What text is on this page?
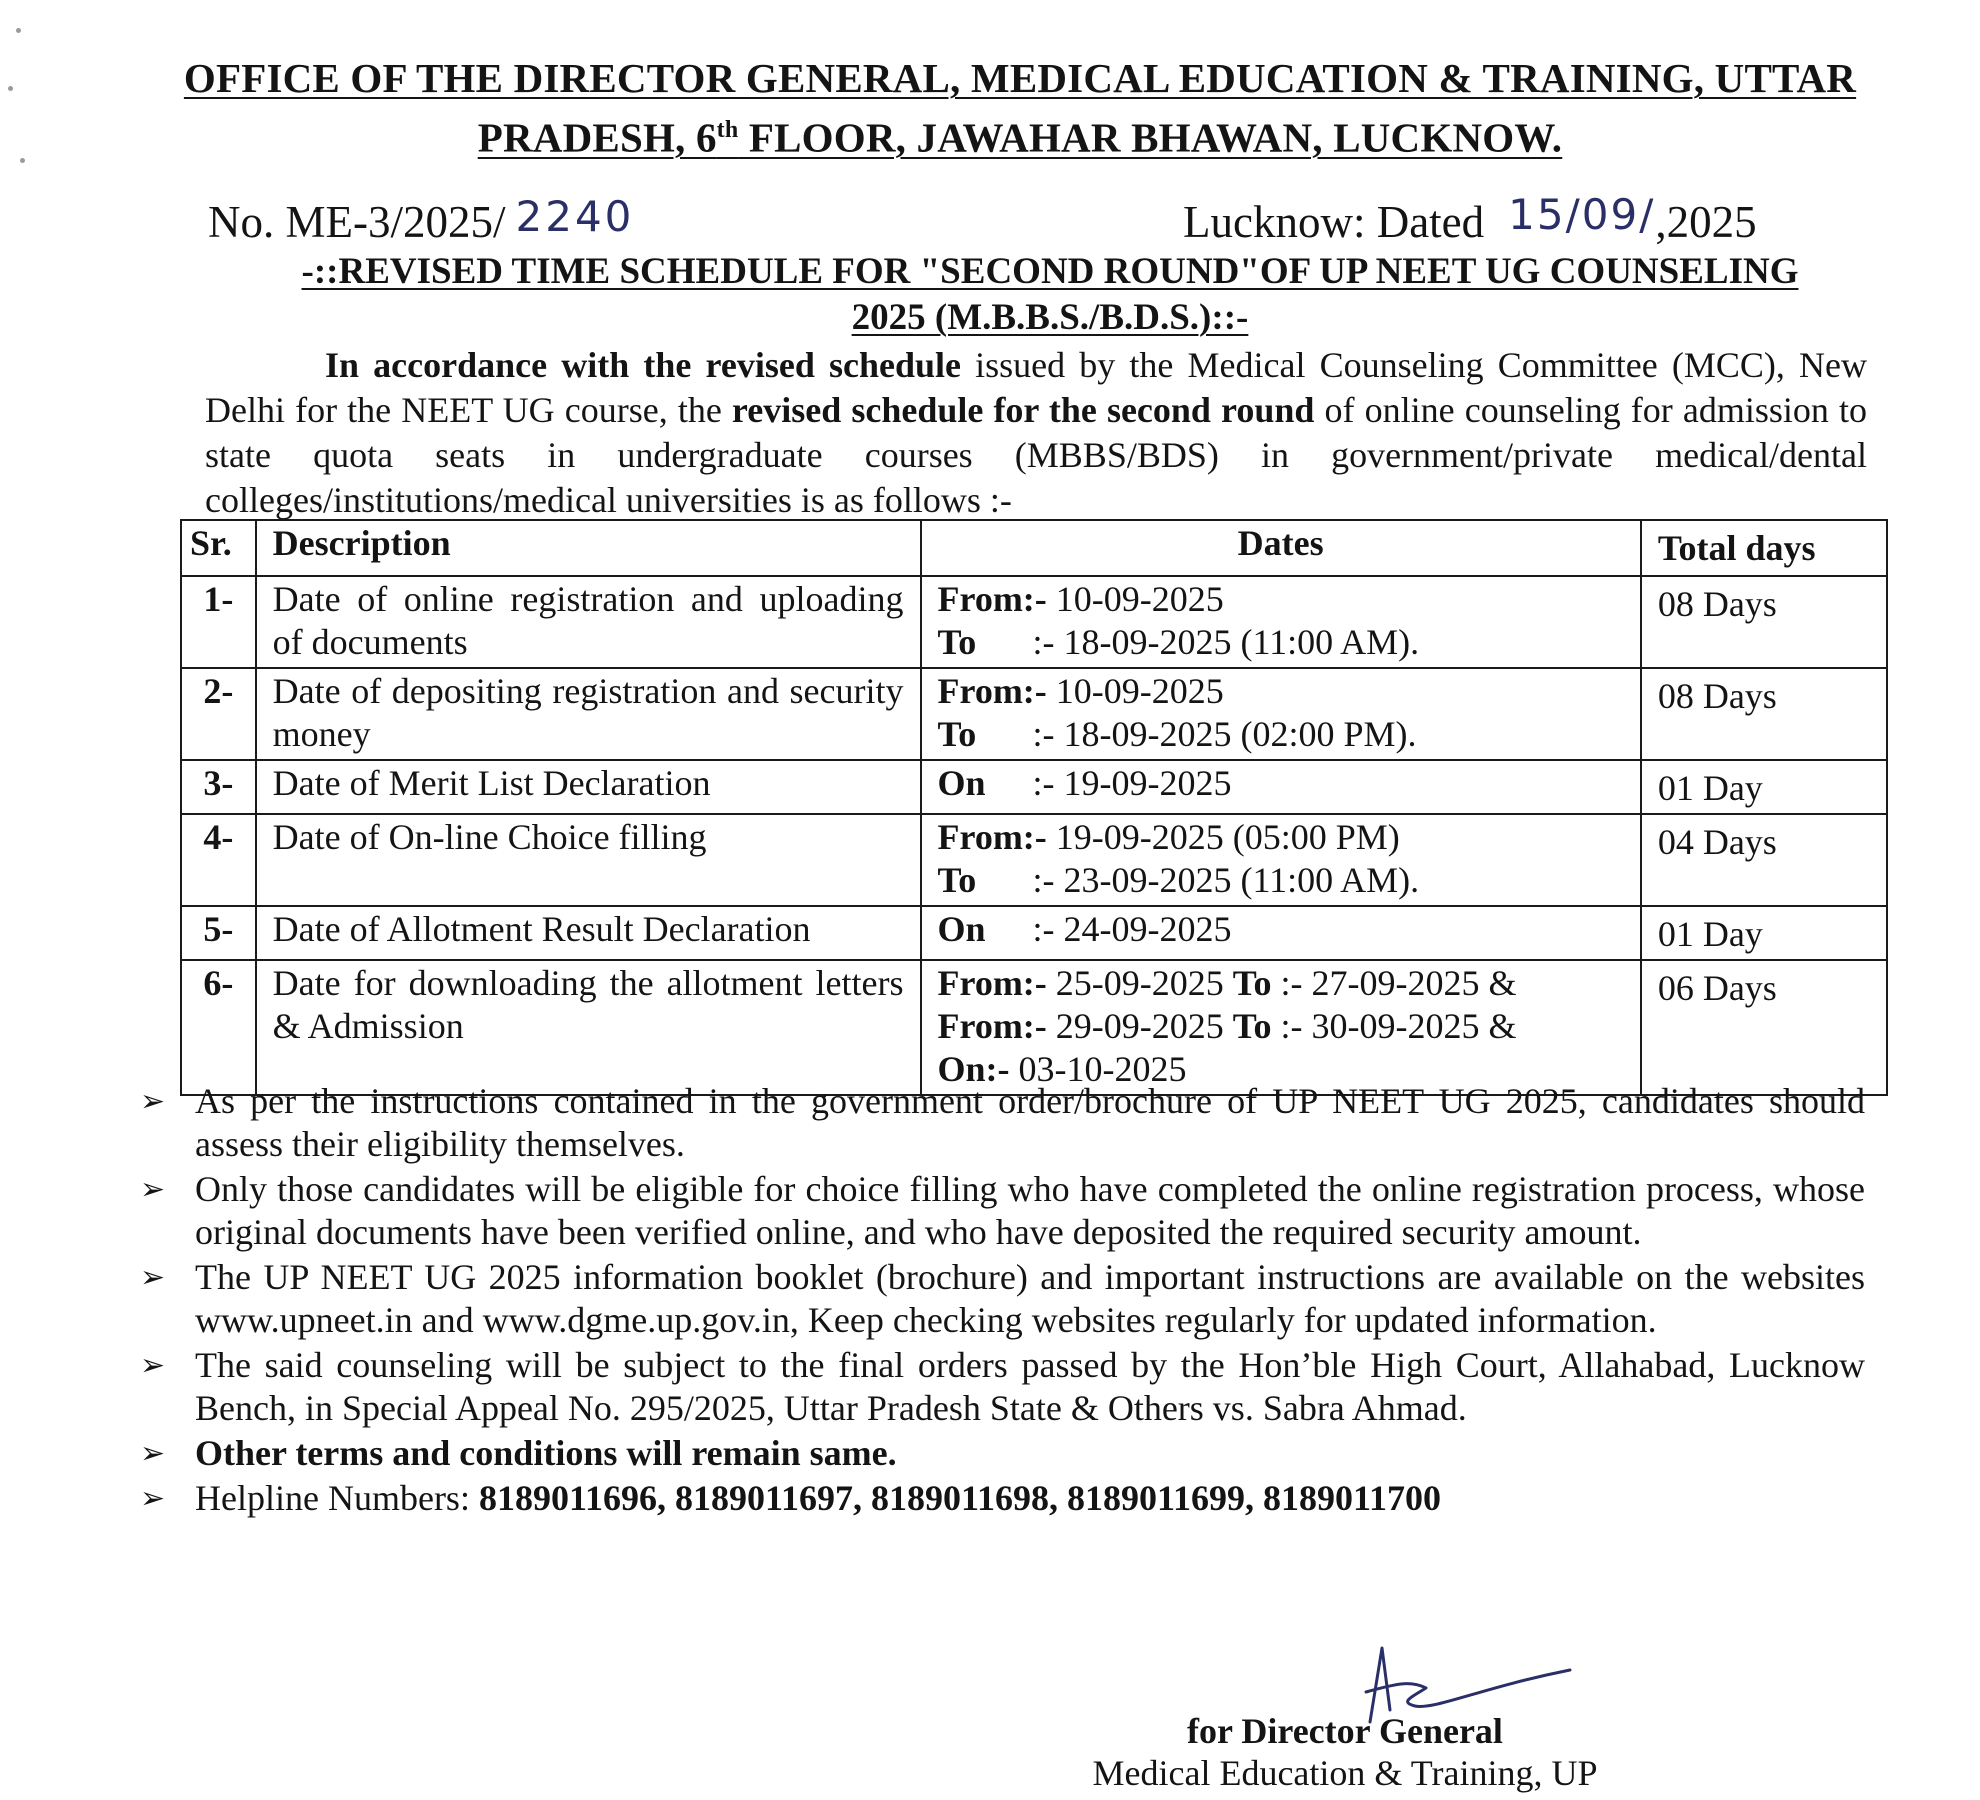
OFFICE OF THE DIRECTOR GENERAL, MEDICAL EDUCATION & TRAINING, UTTAR
PRADESH, 6th FLOOR, JAWAHAR BHAWAN, LUCKNOW.
No. ME-3/2025/ 2240	Lucknow: Dated 15/09/,2025
-::REVISED TIME SCHEDULE FOR "SECOND ROUND"OF UP NEET UG COUNSELING
2025 (M.B.B.S./B.D.S.)::-

In accordance with the revised schedule issued by the Medical Counseling Committee (MCC), New Delhi for the NEET UG course, the revised schedule for the second round of online counseling for admission to state quota seats in undergraduate courses (MBBS/BDS) in government/private medical/dental colleges/institutions/medical universities is as follows :-

Sr.	Description	Dates	Total days
1-	Date of online registration and uploading of documents	From:- 10-09-2025
To :- 18-09-2025 (11:00 AM).	08 Days
2-	Date of depositing registration and security money	From:- 10-09-2025
To :- 18-09-2025 (02:00 PM).	08 Days
3-	Date of Merit List Declaration	On :- 19-09-2025	01 Day
4-	Date of On-line Choice filling	From:- 19-09-2025 (05:00 PM)
To :- 23-09-2025 (11:00 AM).	04 Days
5-	Date of Allotment Result Declaration	On :- 24-09-2025	01 Day
6-	Date for downloading the allotment letters & Admission	From:- 25-09-2025 To :- 27-09-2025 &
From:- 29-09-2025 To :- 30-09-2025 &
On:- 03-10-2025	06 Days
➢ As per the instructions contained in the government order/brochure of UP NEET UG 2025, candidates should assess their eligibility themselves.
➢ Only those candidates will be eligible for choice filling who have completed the online registration process, whose original documents have been verified online, and who have deposited the required security amount.
➢ The UP NEET UG 2025 information booklet (brochure) and important instructions are available on the websites www.upneet.in and www.dgme.up.gov.in, Keep checking websites regularly for updated information.
➢ The said counseling will be subject to the final orders passed by the Hon’ble High Court, Allahabad, Lucknow Bench, in Special Appeal No. 295/2025, Uttar Pradesh State & Others vs. Sabra Ahmad.
➢ Other terms and conditions will remain same.
➢ Helpline Numbers: 8189011696, 8189011697, 8189011698, 8189011699, 8189011700
for Director General
Medical Education & Training, UP
